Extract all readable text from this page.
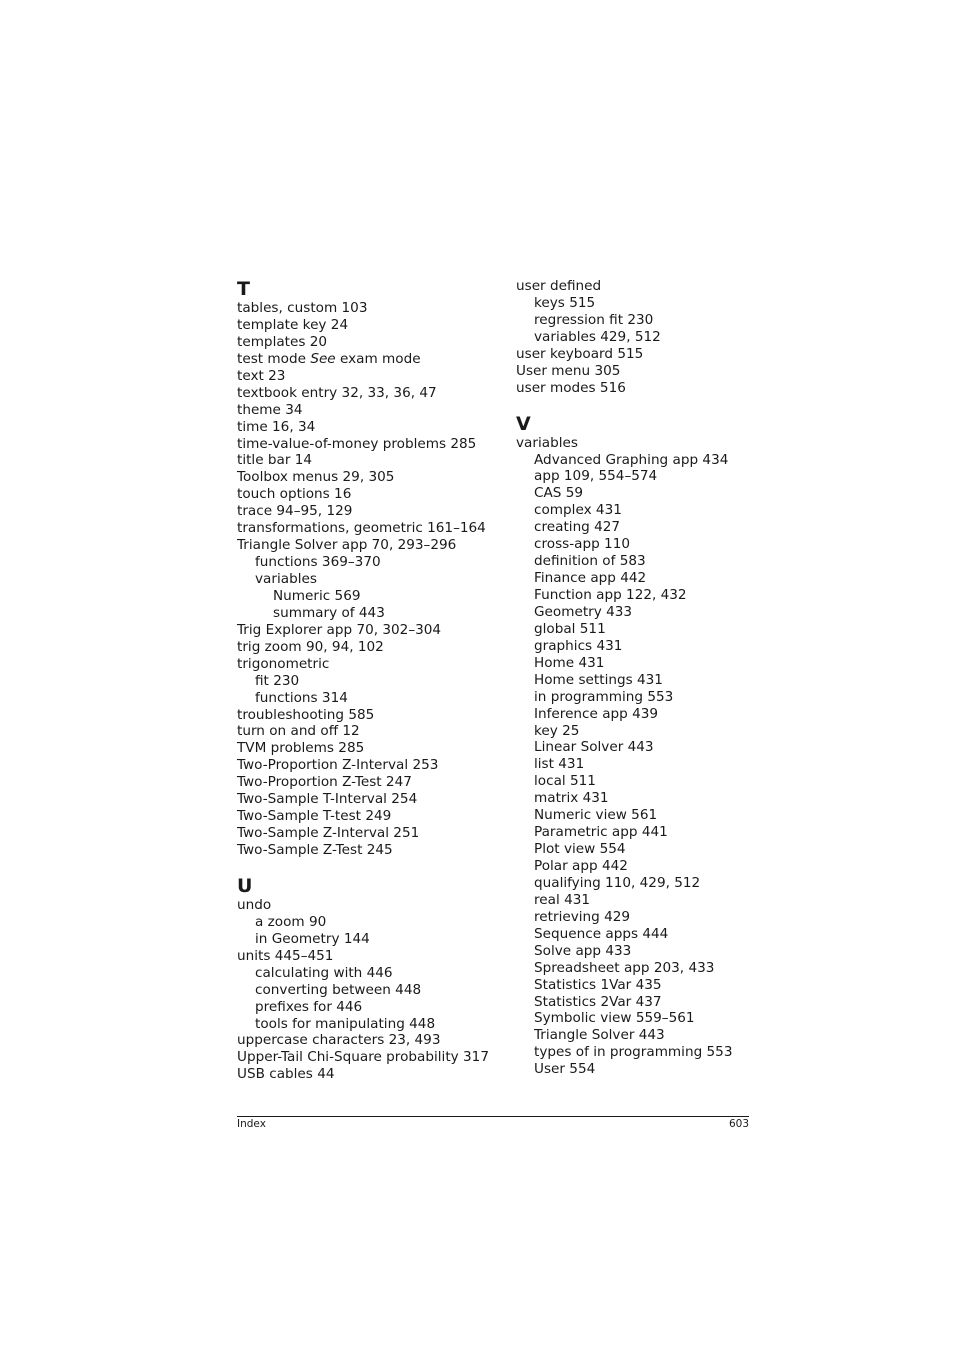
T
tables, custom 103
template key 24
templates 20
test mode See exam mode
text 23
textbook entry 32, 33, 36, 47
theme 34
time 16, 34
time-value-of-money problems 285
title bar 14
Toolbox menus 29, 305
touch options 16
trace 94–95, 129
transformations, geometric 161–164
Triangle Solver app 70, 293–296
functions 369–370
variables
Numeric 569
summary of 443
Trig Explorer app 70, 302–304
trig zoom 90, 94, 102
trigonometric
fit 230
functions 314
troubleshooting 585
turn on and off 12
TVM problems 285
Two-Proportion Z-Interval 253
Two-Proportion Z-Test 247
Two-Sample T-Interval 254
Two-Sample T-test 249
Two-Sample Z-Interval 251
Two-Sample Z-Test 245
U
undo
a zoom 90
in Geometry 144
units 445–451
calculating with 446
converting between 448
prefixes for 446
tools for manipulating 448
uppercase characters 23, 493
Upper-Tail Chi-Square probability 317
USB cables 44
user defined
keys 515
regression fit 230
variables 429, 512
user keyboard 515
User menu 305
user modes 516
V
variables
Advanced Graphing app 434
app 109, 554–574
CAS 59
complex 431
creating 427
cross-app 110
definition of 583
Finance app 442
Function app 122, 432
Geometry 433
global 511
graphics 431
Home 431
Home settings 431
in programming 553
Inference app 439
key 25
Linear Solver 443
list 431
local 511
matrix 431
Numeric view 561
Parametric app 441
Plot view 554
Polar app 442
qualifying 110, 429, 512
real 431
retrieving 429
Sequence apps 444
Solve app 433
Spreadsheet app 203, 433
Statistics 1Var 435
Statistics 2Var 437
Symbolic view 559–561
Triangle Solver 443
types of in programming 553
User 554
Index	603
